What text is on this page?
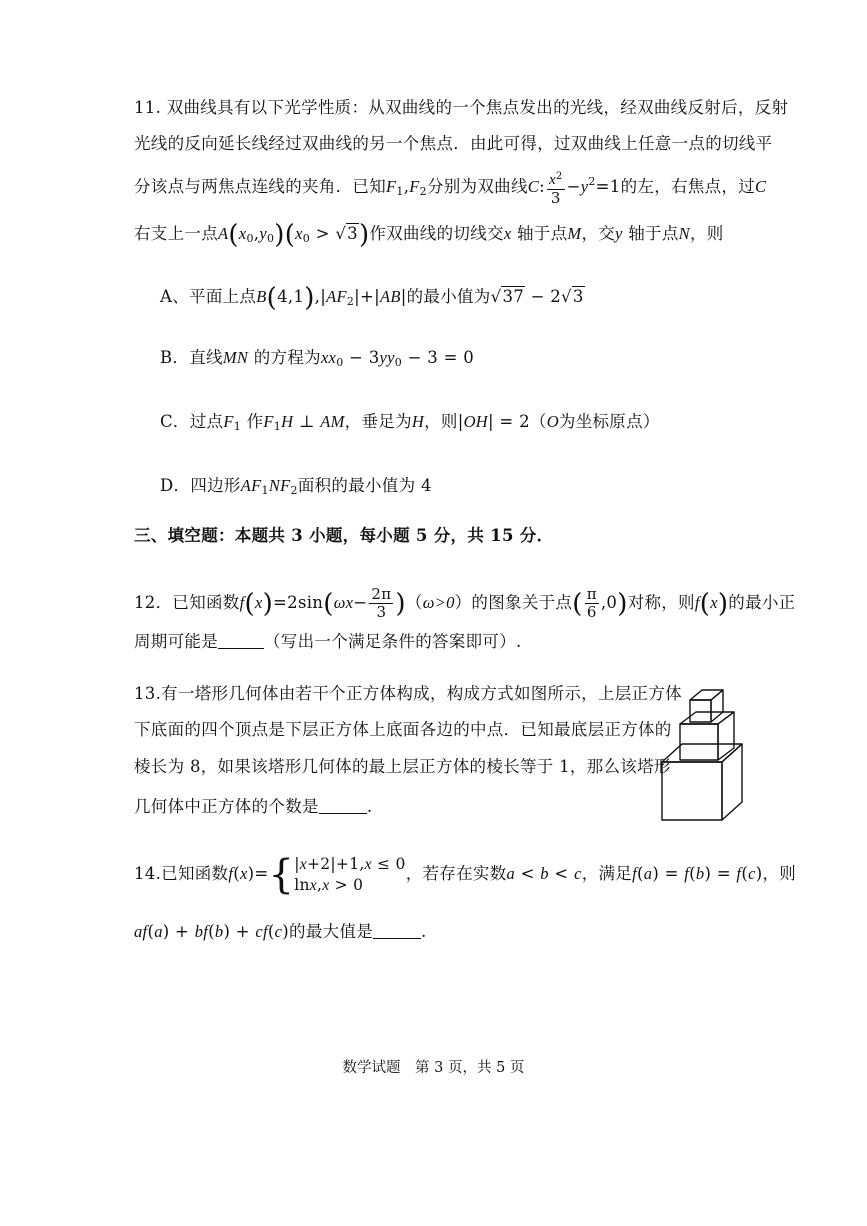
11. 双曲线具有以下光学性质：从双曲线的一个焦点发出的光线，经双曲线反射后，反射
光线的反向延长线经过双曲线的另一个焦点．由此可得，过双曲线上任意一点的切线平
分该点与两焦点连线的夹角．已知F1,F2分别为双曲线C: $\frac{x^2}{3} -y^2=1$的左，右焦点，过C
右支上一点A(x0,y0)(x0 > √3)作双曲线的切线交x 轴于点M，交y 轴于点N，则
A、平面上点B(4,1),|AF2|+|AB|的最小值为√37 − 2√3
B．直线MN 的方程为xx0 − 3yy0 − 3 = 0
C．过点F1 作F1H ⊥ AM，垂足为H，则|OH| = 2（O为坐标原点）
D．四边形AF1NF2面积的最小值为 4
三、填空题：本题共 3 小题，每小题 5 分，共 15 分．
12．已知函数$f(x)=2\sin(\omega x- \frac{2\pi}{3} )(\omega>0)$的图象关于点( $\frac{\pi}{6} ,0$)对称，则f(x)的最小正
周期可能是	（写出一个满足条件的答案即可）.
13.有一塔形几何体由若干个正方体构成，构成方式如图所示，上层正方体
下底面的四个顶点是下层正方体上底面各边的中点．已知最底层正方体的
棱长为 8，如果该塔形几何体的最上层正方体的棱长等于 1，那么该塔形
几何体中正方体的个数是	.
14.已知函数f(x)={ |x+2|+1,x ≤ 0
lnx,x > 0
，若存在实数a < b < c，满足f(a) = f(b) = f(c)，则
af(a) + bf(b) + cf(c)的最大值是	.
数学试题　第 3 页，共 5 页
